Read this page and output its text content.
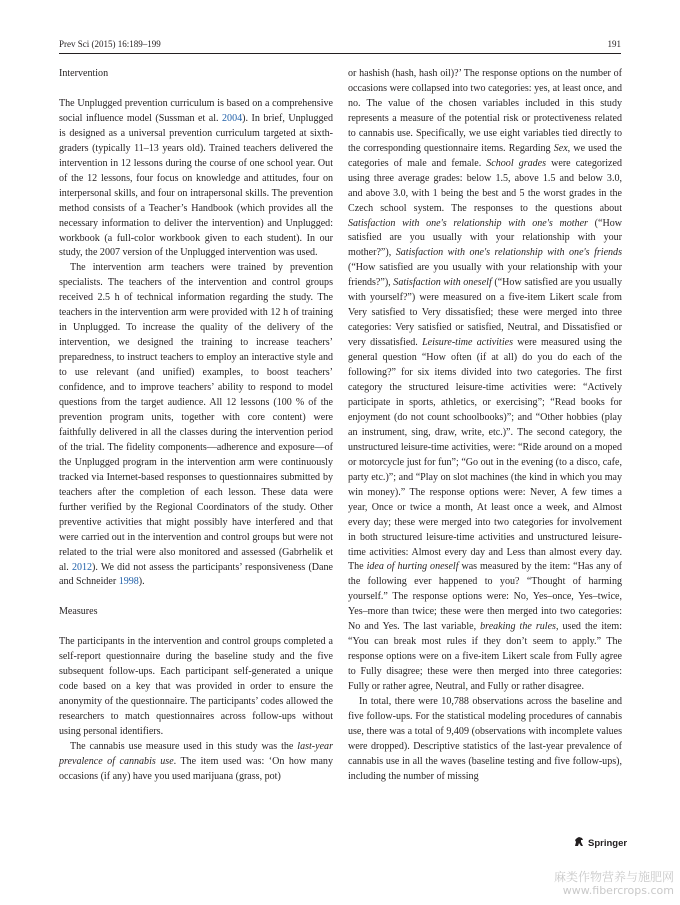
Prev Sci (2015) 16:189–199	191
Intervention

The Unplugged prevention curriculum is based on a comprehensive social influence model (Sussman et al. 2004). In brief, Unplugged is designed as a universal prevention curriculum targeted at sixth-graders (typically 11–13 years old). Trained teachers delivered the intervention in 12 lessons during the course of one school year. Out of the 12 lessons, four focus on knowledge and attitudes, four on interpersonal skills, and four on intrapersonal skills. The prevention method consists of a Teacher’s Handbook (which provides all the necessary information to deliver the intervention) and Unplugged: workbook (a full-color workbook given to each student). In our study, the 2007 version of the Unplugged intervention was used.

The intervention arm teachers were trained by prevention specialists. The teachers of the intervention and control groups received 2.5 h of technical information regarding the study. The teachers in the intervention arm were provided with 12 h of training in Unplugged. To increase the quality of the delivery of the intervention, we designed the training to increase teachers’ preparedness, to instruct teachers to employ an interactive style and to use relevant (and unified) examples, to boost teachers’ confidence, and to improve teachers’ ability to respond to model questions from the target audience. All 12 lessons (100 % of the prevention program units, together with core content) were faithfully delivered in all the classes during the intervention period of the trial. The fidelity components—adherence and exposure—of the Unplugged program in the intervention arm were continuously tracked via Internet-based responses to questionnaires submitted by teachers after the completion of each lesson. These data were further verified by the Regional Coordinators of the study. Other preventive activities that might possibly have interfered and that were carried out in the intervention and control groups but were not related to the trial were also monitored and assessed (Gabrhelik et al. 2012). We did not assess the participants’ responsiveness (Dane and Schneider 1998).

Measures

The participants in the intervention and control groups completed a self-report questionnaire during the baseline study and the five subsequent follow-ups. Each participant self-generated a unique code based on a key that was provided in order to ensure the anonymity of the questionnaire. The participants’ codes allowed the researchers to match questionnaires across follow-ups without using personal identifiers.

The cannabis use measure used in this study was the last-year prevalence of cannabis use. The item used was: ‘On how many occasions (if any) have you used marijuana (grass, pot)

or hashish (hash, hash oil)?’ The response options on the number of occasions were collapsed into two categories: yes, at least once, and no. The value of the chosen variables included in this study represents a measure of the potential risk or protectiveness related to cannabis use. Specifically, we use eight variables tied directly to the corresponding questionnaire items. Regarding Sex, we used the categories of male and female. School grades were categorized using three average grades: below 1.5, above 1.5 and below 3.0, and above 3.0, with 1 being the best and 5 the worst grades in the Czech school system. The responses to the questions about Satisfaction with one's relationship with one's mother (“How satisfied are you usually with your relationship with your mother?”), Satisfaction with one's relationship with one's friends (“How satisfied are you usually with your relationship with your friends?”), Satisfaction with oneself (“How satisfied are you usually with yourself?”) were measured on a five-item Likert scale from Very satisfied to Very dissatisfied; these were merged into three categories: Very satisfied or satisfied, Neutral, and Dissatisfied or very dissatisfied. Leisure-time activities were measured using the general question “How often (if at all) do you do each of the following?” for six items divided into two categories. The first category the structured leisure-time activities were: “Actively participate in sports, athletics, or exercising”; “Read books for enjoyment (do not count schoolbooks)”; and “Other hobbies (play an instrument, sing, draw, write, etc.)”. The second category, the unstructured leisure-time activities, were: “Ride around on a moped or motorcycle just for fun”; “Go out in the evening (to a disco, cafe, party etc.)”; and “Play on slot machines (the kind in which you may win money).” The response options were: Never, A few times a year, Once or twice a month, At least once a week, and Almost every day; these were merged into two categories for involvement in both structured leisure-time activities and unstructured leisure-time activities: Almost every day and Less than almost every day. The idea of hurting oneself was measured by the item: “Has any of the following ever happened to you? “Thought of harming yourself.” The response options were: No, Yes–once, Yes–twice, Yes–more than twice; these were then merged into two categories: No and Yes. The last variable, breaking the rules, used the item: “You can break most rules if they don’t seem to apply.” The response options were on a five-item Likert scale from Fully agree to Fully disagree; these were then merged into three categories: Fully or rather agree, Neutral, and Fully or rather disagree.

In total, there were 10,788 observations across the baseline and five follow-ups. For the statistical modeling procedures of cannabis use, there was a total of 9,409 (observations with incomplete values were dropped). Descriptive statistics of the last-year prevalence of cannabis use in all the waves (baseline testing and five follow-ups), including the number of missing

Springer
麻类作物营养与施肥网
www.fibercrops.com
